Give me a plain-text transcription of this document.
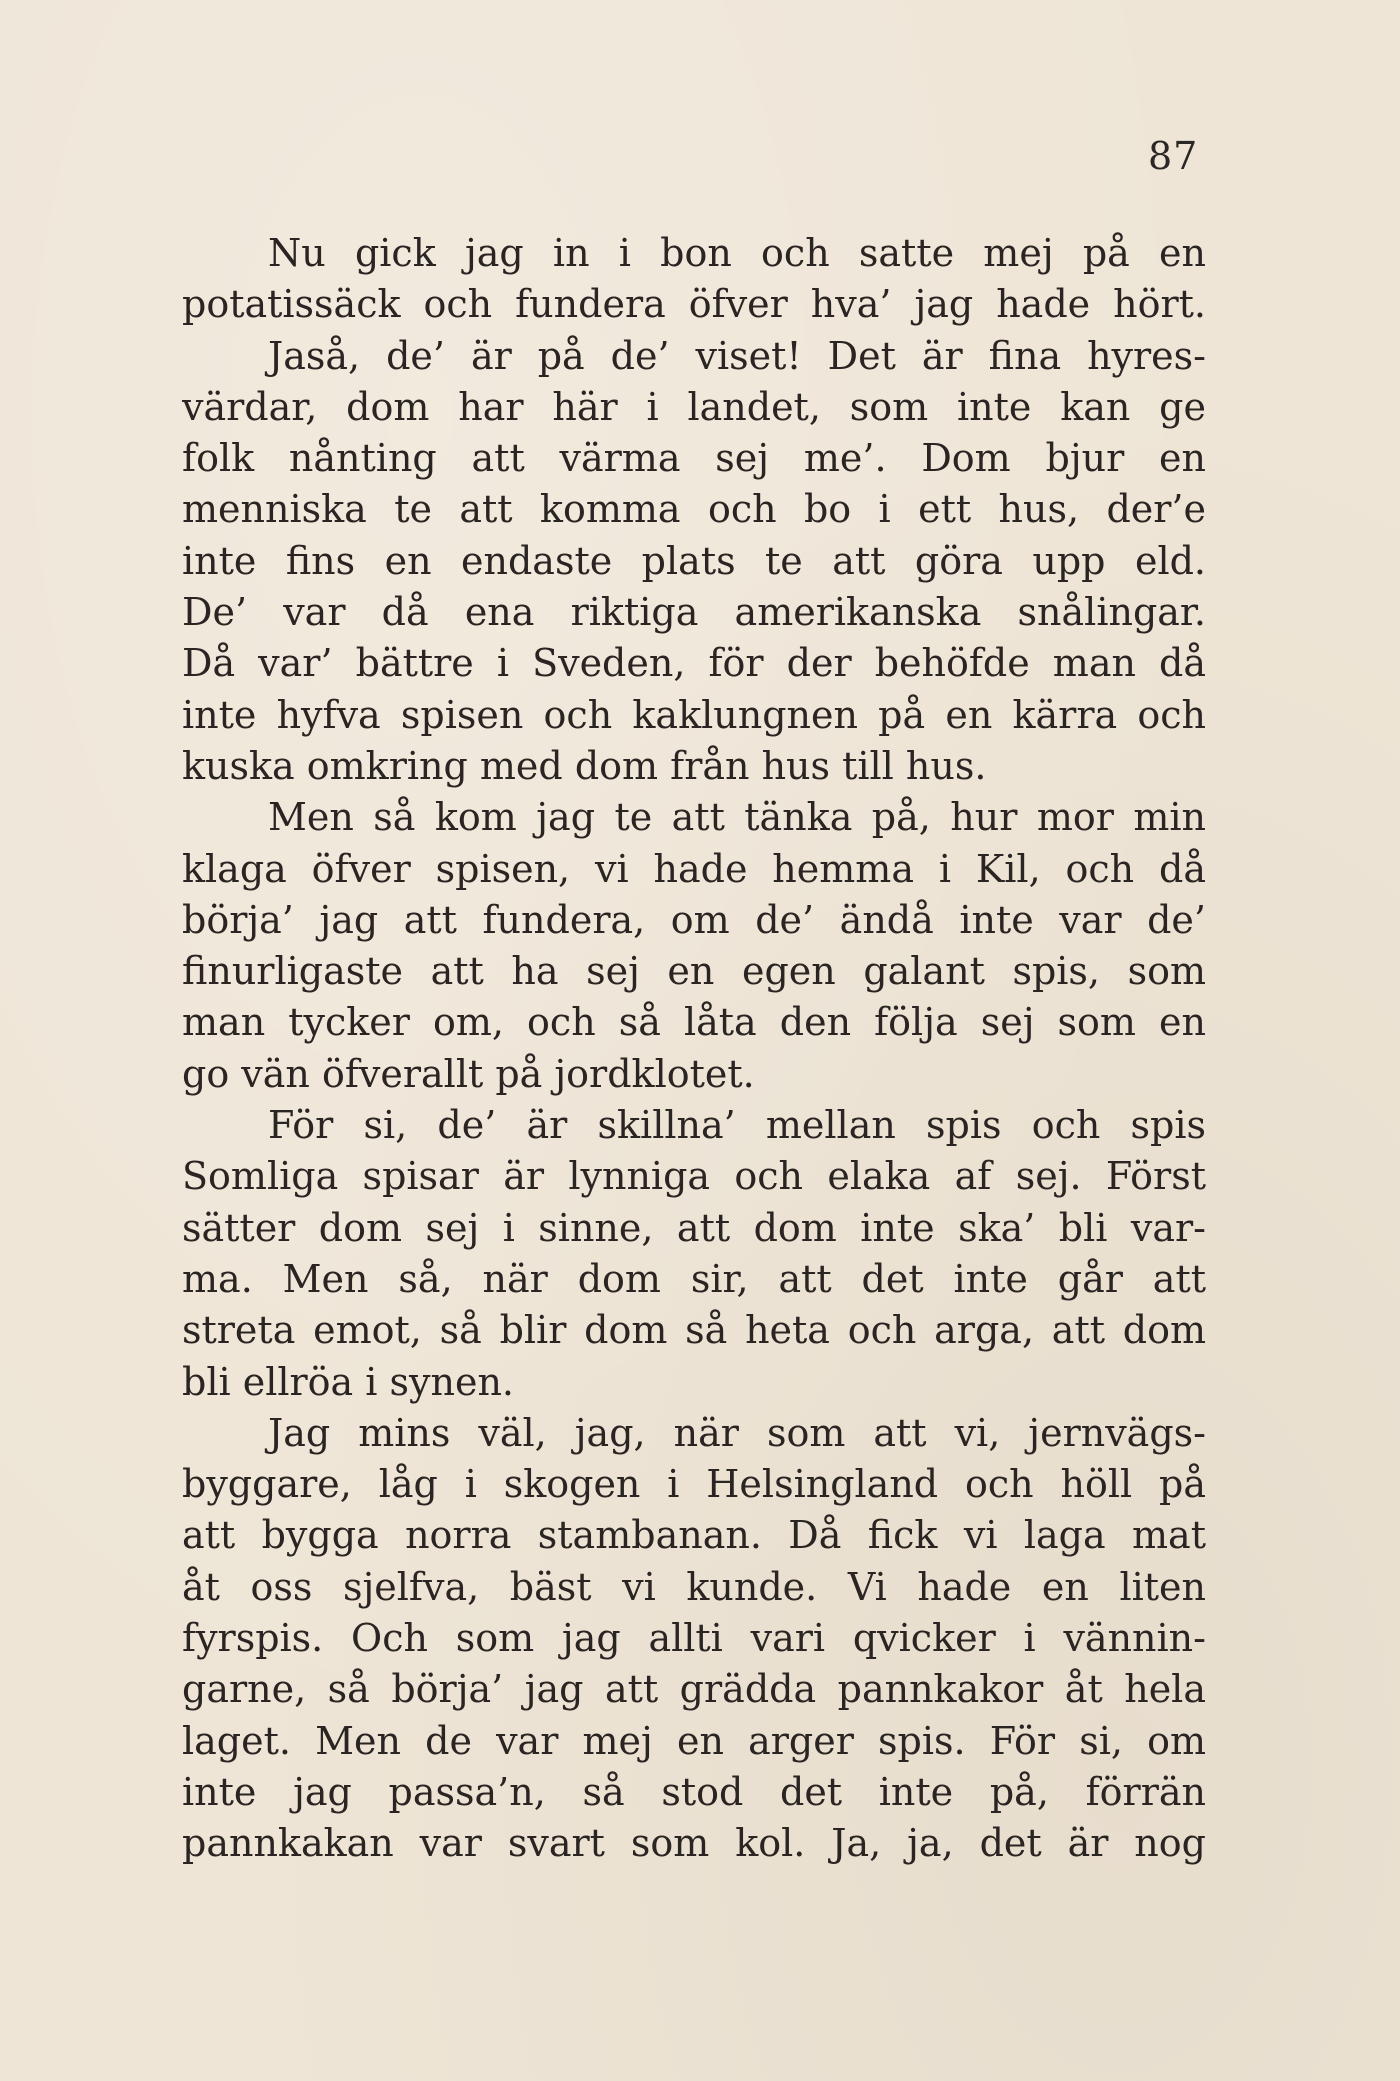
87
Nu gick jag in i bon och satte mej på en
potatissäck och fundera öfver hva’ jag hade hört.
Jaså, de’ är på de’ viset! Det är fina hyres-
värdar, dom har här i landet, som inte kan ge
folk nånting att värma sej me’. Dom bjur en
menniska te att komma och bo i ett hus, der’e
inte fins en endaste plats te att göra upp eld.
De’ var då ena riktiga amerikanska snålingar.
Då var’ bättre i Sveden, för der behöfde man då
inte hyfva spisen och kaklungnen på en kärra och
kuska omkring med dom från hus till hus.
Men så kom jag te att tänka på, hur mor min
klaga öfver spisen, vi hade hemma i Kil, och då
börja’ jag att fundera, om de’ ändå inte var de’
finurligaste att ha sej en egen galant spis, som
man tycker om, och så låta den följa sej som en
go vän öfverallt på jordklotet.
För si, de’ är skillna’ mellan spis och spis
Somliga spisar är lynniga och elaka af sej. Först
sätter dom sej i sinne, att dom inte ska’ bli var-
ma. Men så, när dom sir, att det inte går att
streta emot, så blir dom så heta och arga, att dom
bli ellröa i synen.
Jag mins väl, jag, när som att vi, jernvägs-
byggare, låg i skogen i Helsingland och höll på
att bygga norra stambanan. Då fick vi laga mat
åt oss sjelfva, bäst vi kunde. Vi hade en liten
fyrspis. Och som jag allti vari qvicker i vännin-
garne, så börja’ jag att grädda pannkakor åt hela
laget. Men de var mej en arger spis. För si, om
inte jag passa’n, så stod det inte på, förrän
pannkakan var svart som kol. Ja, ja, det är nog
